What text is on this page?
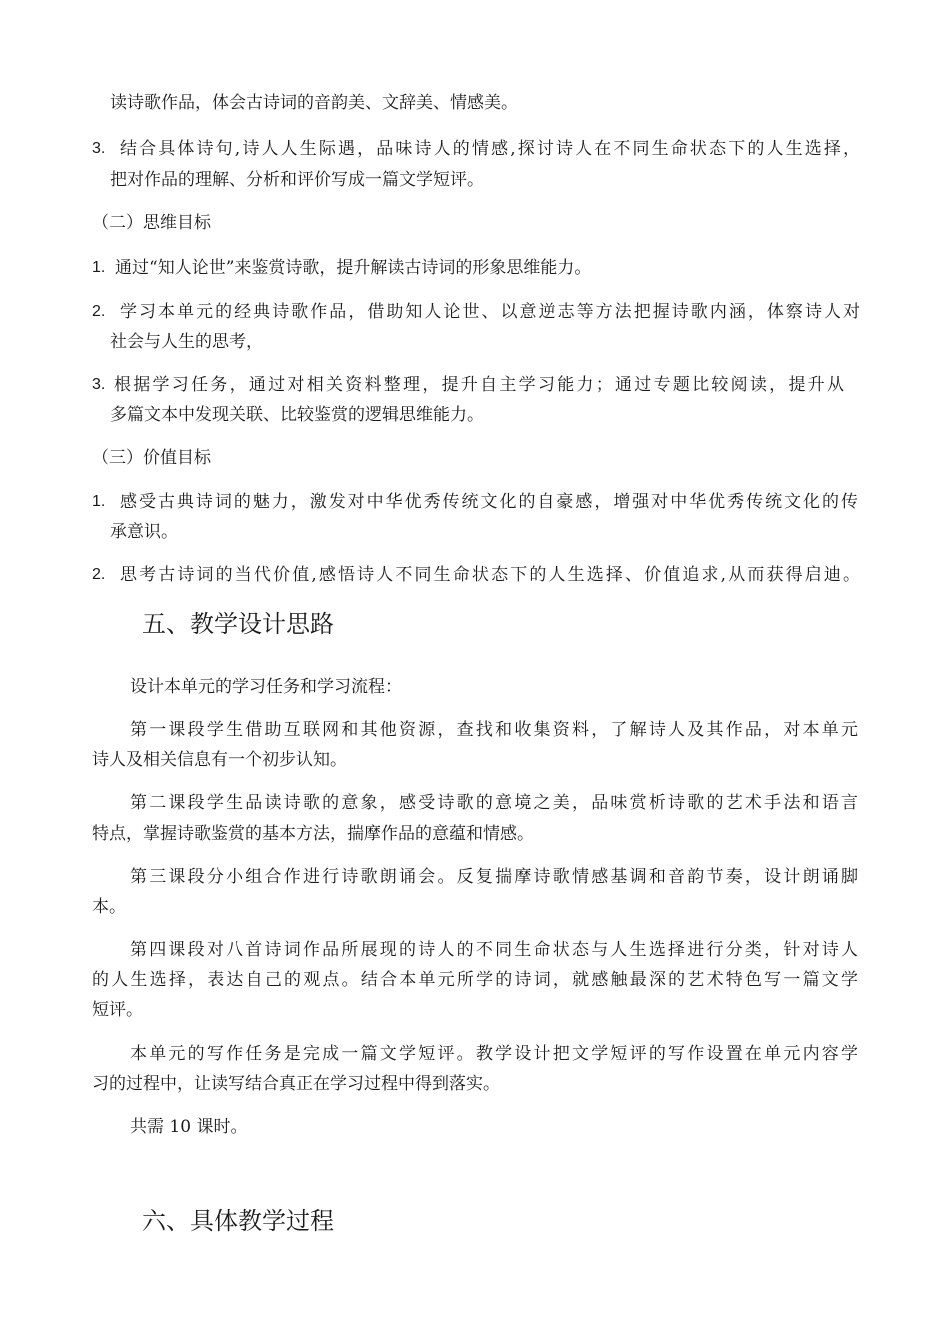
读诗歌作品，体会古诗词的音韵美、文辞美、情感美。

3. 结合具体诗句,诗人人生际遇，品味诗人的情感,探讨诗人在不同生命状态下的人生选择，

把对作品的理解、分析和评价写成一篇文学短评。

（二）思维目标

1. 通过“知人论世”来鉴赏诗歌，提升解读古诗词的形象思维能力。

2. 学习本单元的经典诗歌作品，借助知人论世、以意逆志等方法把握诗歌内涵，体察诗人对

社会与人生的思考，

3. 根据学习任务，通过对相关资料整理，提升自主学习能力；通过专题比较阅读，提升从

多篇文本中发现关联、比较鉴赏的逻辑思维能力。

（三）价值目标

1. 感受古典诗词的魅力，激发对中华优秀传统文化的自豪感，增强对中华优秀传统文化的传

承意识。

2. 思考古诗词的当代价值,感悟诗人不同生命状态下的人生选择、价值追求,从而获得启迪。

五、教学设计思路

设计本单元的学习任务和学习流程：

第一课段学生借助互联网和其他资源，查找和收集资料，了解诗人及其作品，对本单元

诗人及相关信息有一个初步认知。

第二课段学生品读诗歌的意象，感受诗歌的意境之美，品味赏析诗歌的艺术手法和语言

特点，掌握诗歌鉴赏的基本方法，揣摩作品的意蕴和情感。

第三课段分小组合作进行诗歌朗诵会。反复揣摩诗歌情感基调和音韵节奏，设计朗诵脚

本。

第四课段对八首诗词作品所展现的诗人的不同生命状态与人生选择进行分类，针对诗人

的人生选择，表达自己的观点。结合本单元所学的诗词，就感触最深的艺术特色写一篇文学

短评。

本单元的写作任务是完成一篇文学短评。教学设计把文学短评的写作设置在单元内容学

习的过程中，让读写结合真正在学习过程中得到落实。

共需 10 课时。

六、具体教学过程
